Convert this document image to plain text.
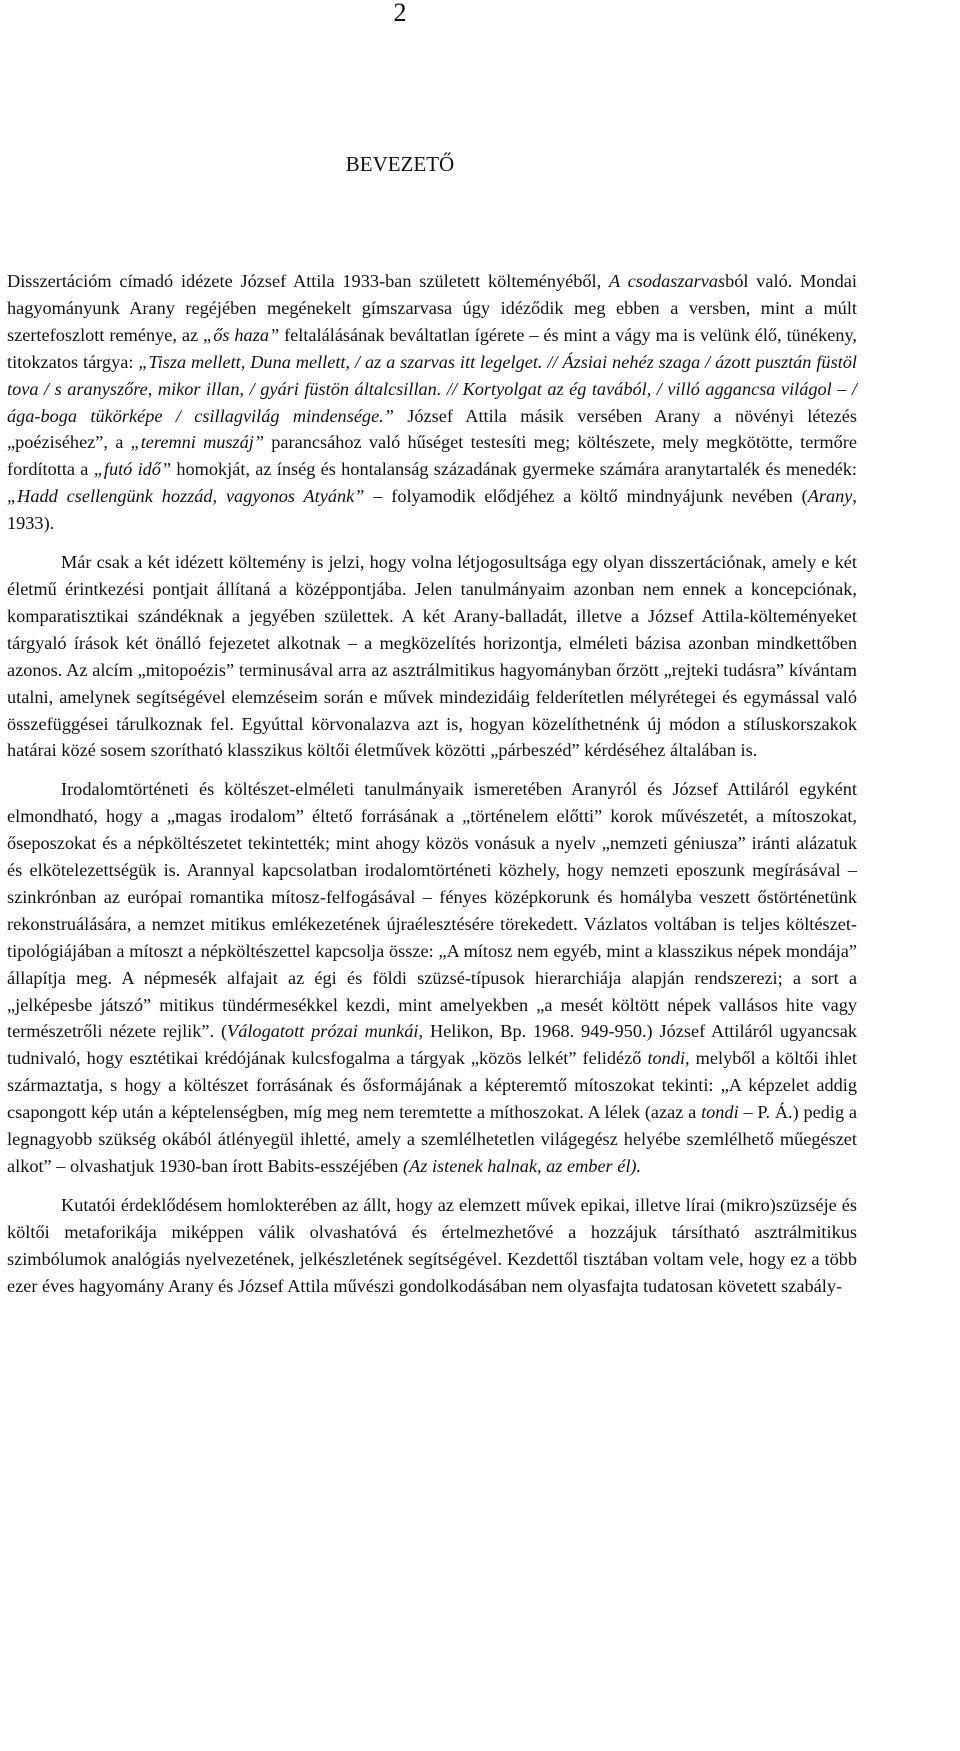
2
BEVEZETŐ

Disszertációm címadó idézete József Attila 1933-ban született költeményéből, A csodaszarvasból való. Mondai hagyományunk Arany regéjében megénekelt gímszarvasa úgy idéződik meg ebben a versben, mint a múlt szertefoszlott reménye, az „ős haza” feltalálásának beváltatlan ígérete – és mint a vágy ma is velünk élő, tünékeny, titokzatos tárgya: „Tisza mellett, Duna mellett, / az a szarvas itt legelget. // Ázsiai nehéz szaga / ázott pusztán füstöl tova / s aranyszőre, mikor illan, / gyári füstön általcsillan. // Kortyolgat az ég tavából, / villó aggancsa világol – / ága-boga tükörképe / csillagvilág mindensége.” József Attila másik versében Arany a növényi létezés „poéziséhez”, a „teremni muszáj” parancsához való hűséget testesíti meg; költészete, mely megkötötte, termőre fordította a „futó idő” homokját, az ínség és hontalanság századának gyermeke számára aranytartalék és menedék: „Hadd csellengünk hozzád, vagyonos Atyánk” – folyamodik elődjéhez a költő mindnyájunk nevében (Arany, 1933).

Már csak a két idézett költemény is jelzi, hogy volna létjogosultsága egy olyan disszertációnak, amely e két életmű érintkezési pontjait állítaná a középpontjába. Jelen tanulmányaim azonban nem ennek a koncepciónak, komparatisztikai szándéknak a jegyében születtek. A két Arany-balladát, illetve a József Attila-költeményeket tárgyaló írások két önálló fejezetet alkotnak – a megközelítés horizontja, elméleti bázisa azonban mindkettőben azonos. Az alcím „mitopoézis” terminusával arra az asztrálmitikus hagyományban őrzött „rejteki tudásra” kívántam utalni, amelynek segítségével elemzéseim során e művek mindezidáig felderítetlen mélyrétegei és egymással való összefüggései tárulkoznak fel. Egyúttal körvonalazva azt is, hogyan közelíthetnénk új módon a stíluskorszakok határai közé sosem szorítható klasszikus költői életművek közötti „párbeszéd” kérdéséhez általában is.

Irodalomtörténeti és költészet-elméleti tanulmányaik ismeretében Aranyról és József Attiláról egyként elmondható, hogy a „magas irodalom” éltető forrásának a „történelem előtti” korok művészetét, a mítoszokat, őseposzokat és a népköltészetet tekintették; mint ahogy közös vonásuk a nyelv „nemzeti géniusza” iránti alázatuk és elkötelezettségük is. Arannyal kapcsolatban irodalomtörténeti közhely, hogy nemzeti eposzunk megírásával – szinkrónban az európai romantika mítosz-felfogásával – fényes középkorunk és homályba veszett őstörténetünk rekonstruálására, a nemzet mitikus emlékezetének újraélesztésére törekedett. Vázlatos voltában is teljes költészet-tipológiájában a mítoszt a népköltészettel kapcsolja össze: „A mítosz nem egyéb, mint a klasszikus népek mondája” állapítja meg. A népmesék alfajait az égi és földi szüzsé-típusok hierarchiája alapján rendszerezi; a sort a „jelképesbe játszó” mitikus tündérmesékkel kezdi, mint amelyekben „a mesét költött népek vallásos hite vagy természetrőli nézete rejlik”. (Válogatott prózai munkái, Helikon, Bp. 1968. 949-950.) József Attiláról ugyancsak tudnivaló, hogy esztétikai krédójának kulcsfogalma a tárgyak „közös lelkét” felidéző tondi, melyből a költői ihlet származtatja, s hogy a költészet forrásának és ősformájának a képteremtő mítoszokat tekinti: „A képzelet addig csapongott kép után a képtelenségben, míg meg nem teremtette a míthoszokat. A lélek (azaz a tondi – P. Á.) pedig a legnagyobb szükség okából átlényegül ihletté, amely a szemlélhetetlen világegész helyébe szemlélhető műegészet alkot” – olvashatjuk 1930-ban írott Babits-esszéjében (Az istenek halnak, az ember él).

Kutatói érdeklődésem homlokterében az állt, hogy az elemzett művek epikai, illetve lírai (mikro)szüzséje és költői metaforikája miképpen válik olvashatóvá és értelmezhetővé a hozzájuk társítható asztrálmitikus szimbólumok analógiás nyelvezetének, jelkészletének segítségével. Kezdettől tisztában voltam vele, hogy ez a több ezer éves hagyomány Arany és József Attila művészi gondolkodásában nem olyasfajta tudatosan követett szabály-
